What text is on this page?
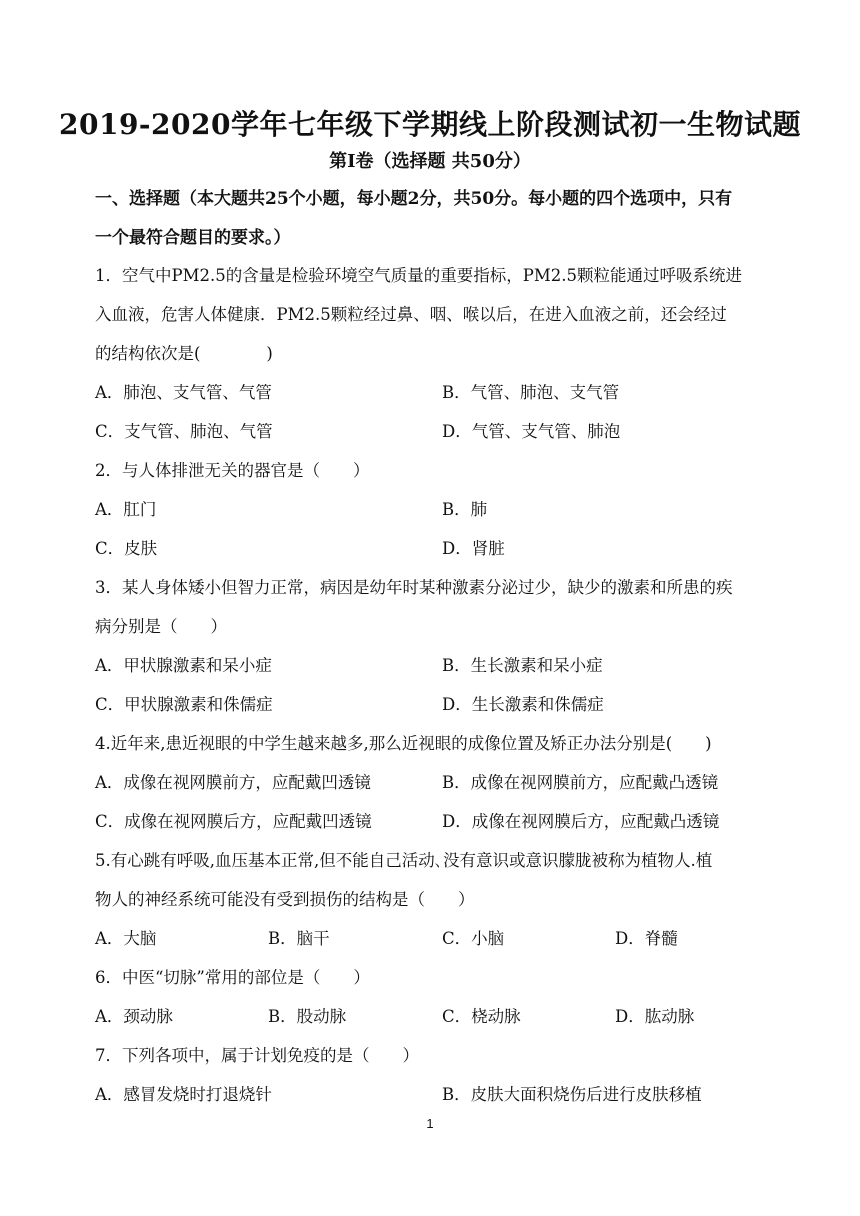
2019-2020学年七年级下学期线上阶段测试初一生物试题
第Ⅰ卷（选择题 共50分）
一、选择题（本大题共25个小题，每小题2分，共50分。每小题的四个选项中，只有
一个最符合题目的要求。）
1．空气中PM2.5的含量是检验环境空气质量的重要指标，PM2.5颗粒能通过呼吸系统进
入血液，危害人体健康．PM2.5颗粒经过鼻、咽、喉以后，在进入血液之前，还会经过
的结构依次是(　　　　)
A．肺泡、支气管、气管	B．气管、肺泡、支气管
C．支气管、肺泡、气管	D．气管、支气管、肺泡
2．与人体排泄无关的器官是（　　）
A．肛门	B．肺
C．皮肤	D．肾脏
3．某人身体矮小但智力正常，病因是幼年时某种激素分泌过少，缺少的激素和所患的疾
病分别是（　　）
A．甲状腺激素和呆小症	B．生长激素和呆小症
C．甲状腺激素和侏儒症	D．生长激素和侏儒症
4.近年来,患近视眼的中学生越来越多,那么近视眼的成像位置及矫正办法分别是(　　)
A．成像在视网膜前方，应配戴凹透镜	B．成像在视网膜前方，应配戴凸透镜
C．成像在视网膜后方，应配戴凹透镜	D．成像在视网膜后方，应配戴凸透镜
5.有心跳有呼吸,血压基本正常,但不能自己活动､没有意识或意识朦胧被称为植物人.植
物人的神经系统可能没有受到损伤的结构是（　　）
A．大脑	B．脑干	C．小脑	D．脊髓
6．中医“切脉”常用的部位是（　　）
A．颈动脉	B．股动脉	C．桡动脉	D．肱动脉
7．下列各项中，属于计划免疫的是（　　）
A．感冒发烧时打退烧针	B．皮肤大面积烧伤后进行皮肤移植
1
